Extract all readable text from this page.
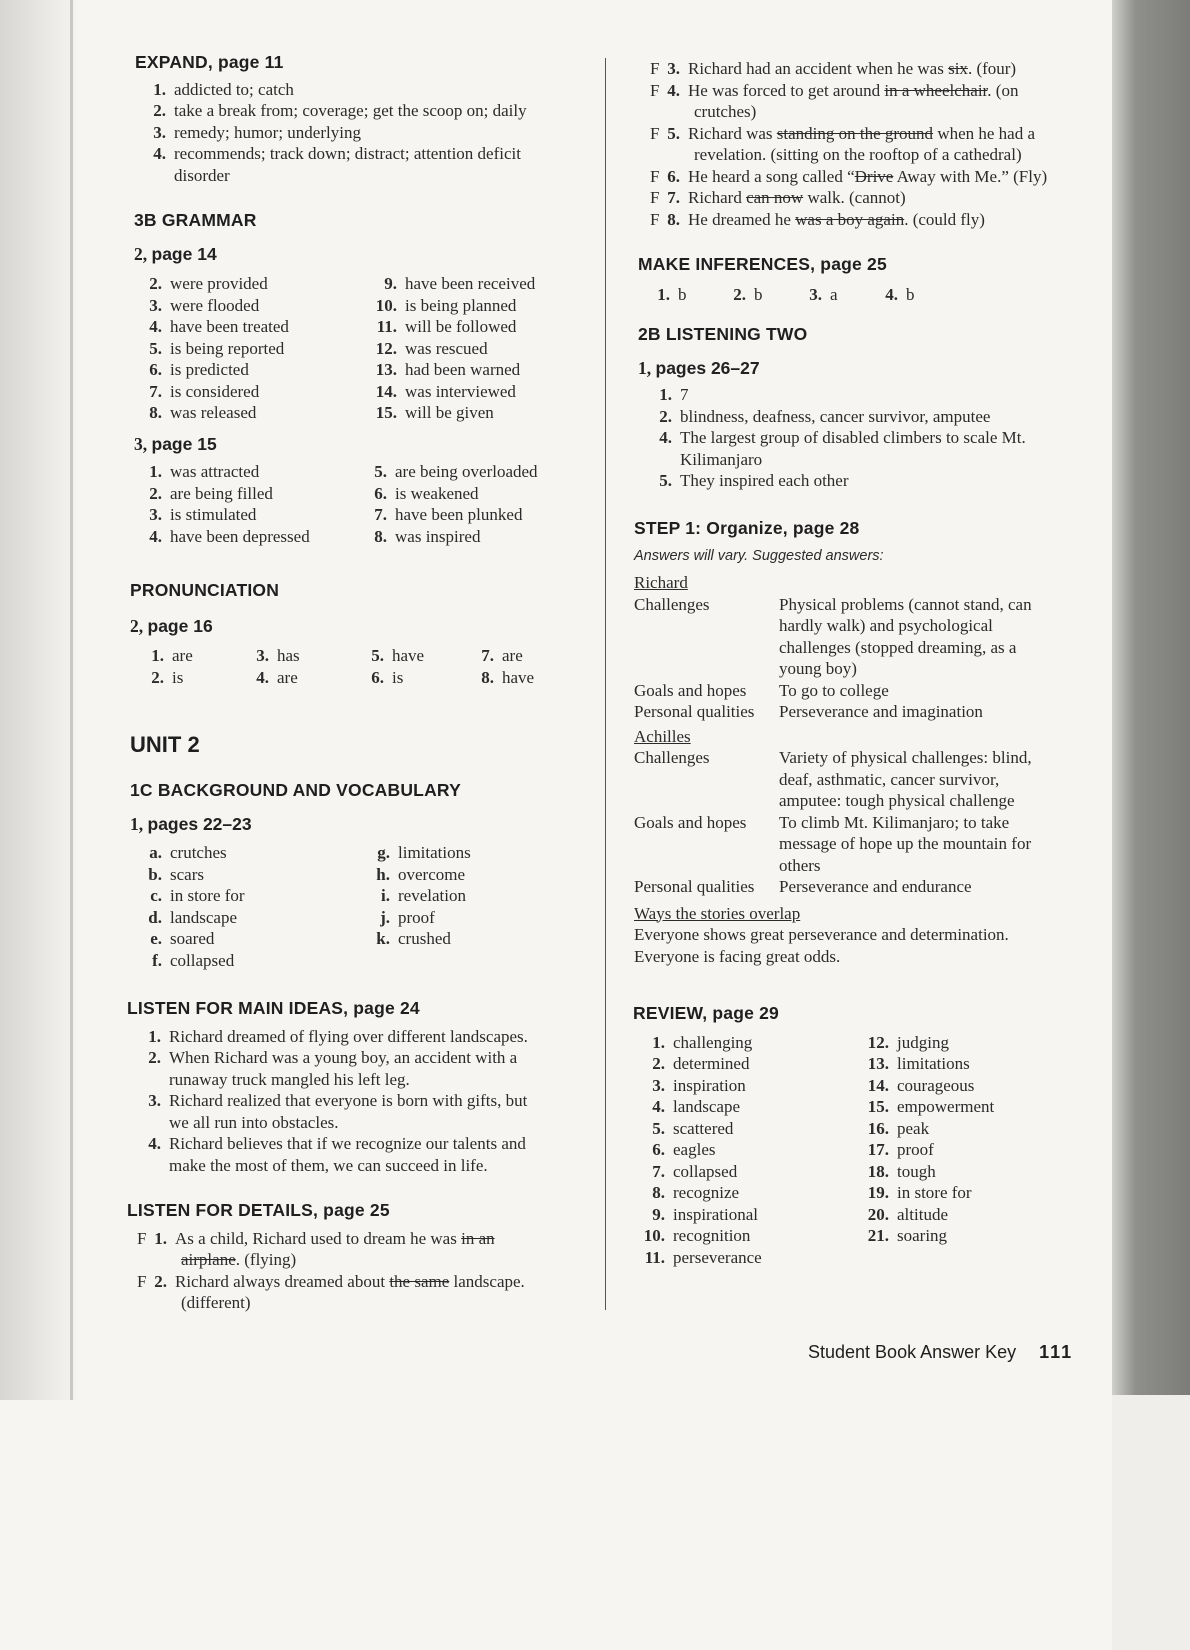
EXPAND, page 11
1. addicted to; catch
2. take a break from; coverage; get the scoop on; daily
3. remedy; humor; underlying
4. recommends; track down; distract; attention deficit
disorder
3B GRAMMAR
2, page 14
2. were provided
3. were flooded
4. have been treated
5. is being reported
6. is predicted
7. is considered
8. was released
9. have been received
10. is being planned
11. will be followed
12. was rescued
13. had been warned
14. was interviewed
15. will be given
3, page 15
1. was attracted
2. are being filled
3. is stimulated
4. have been depressed
5. are being overloaded
6. is weakened
7. have been plunked
8. was inspired
PRONUNCIATION
2, page 16
1. are
2. is
3. has
4. are
5. have
6. is
7. are
8. have
UNIT 2
1C BACKGROUND AND VOCABULARY
1, pages 22–23
a. crutches
b. scars
c. in store for
d. landscape
e. soared
f. collapsed
g. limitations
h. overcome
i. revelation
j. proof
k. crushed
LISTEN FOR MAIN IDEAS, page 24
1. Richard dreamed of flying over different landscapes.
2. When Richard was a young boy, an accident with a
runaway truck mangled his left leg.
3. Richard realized that everyone is born with gifts, but
we all run into obstacles.
4. Richard believes that if we recognize our talents and
make the most of them, we can succeed in life.
LISTEN FOR DETAILS, page 25
F 1. As a child, Richard used to dream he was in an
airplane. (flying)
F 2. Richard always dreamed about the same landscape.
(different)
F 3. Richard had an accident when he was six. (four)
F 4. He was forced to get around in a wheelchair. (on
crutches)
F 5. Richard was standing on the ground when he had a
revelation. (sitting on the rooftop of a cathedral)
F 6. He heard a song called “Drive Away with Me.” (Fly)
F 7. Richard can now walk. (cannot)
F 8. He dreamed he was a boy again. (could fly)
MAKE INFERENCES, page 25
1. b	2. b	3. a	4. b
2B LISTENING TWO
1, pages 26–27
1. 7
2. blindness, deafness, cancer survivor, amputee
4. The largest group of disabled climbers to scale Mt.
Kilimanjaro
5. They inspired each other
STEP 1: Organize, page 28
Answers will vary. Suggested answers:
Richard
Challenges	Physical problems (cannot stand, can
hardly walk) and psychological
challenges (stopped dreaming, as a
young boy)
Goals and hopes	To go to college
Personal qualities	Perseverance and imagination
Achilles
Challenges	Variety of physical challenges: blind,
deaf, asthmatic, cancer survivor,
amputee: tough physical challenge
Goals and hopes	To climb Mt. Kilimanjaro; to take
message of hope up the mountain for
others
Personal qualities	Perseverance and endurance
Ways the stories overlap
Everyone shows great perseverance and determination.
Everyone is facing great odds.
REVIEW, page 29
1. challenging
2. determined
3. inspiration
4. landscape
5. scattered
6. eagles
7. collapsed
8. recognize
9. inspirational
10. recognition
11. perseverance
12. judging
13. limitations
14. courageous
15. empowerment
16. peak
17. proof
18. tough
19. in store for
20. altitude
21. soaring
Student Book Answer Key 111
